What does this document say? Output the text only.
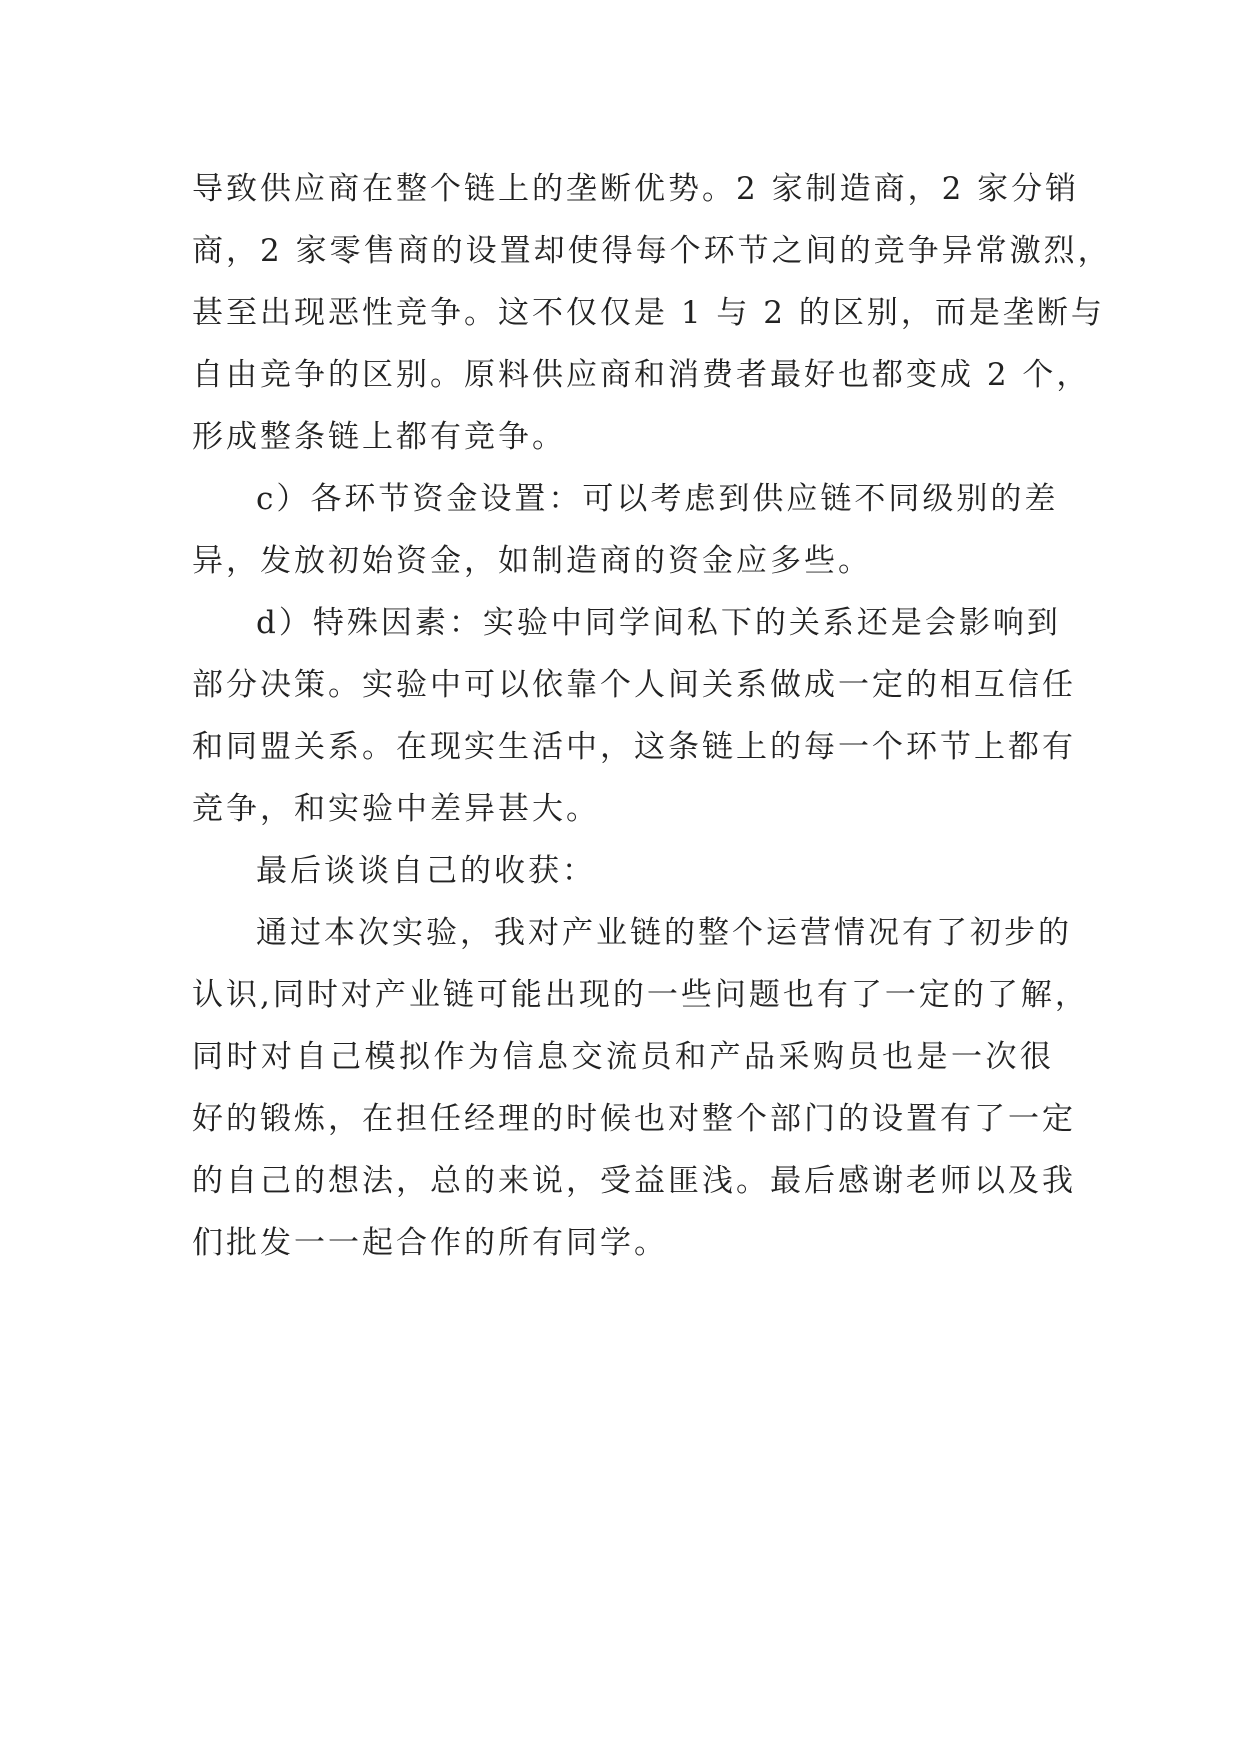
导致供应商在整个链上的垄断优势。2 家制造商，2 家分销
商，2 家零售商的设置却使得每个环节之间的竞争异常激烈，
甚至出现恶性竞争。这不仅仅是 1 与 2 的区别，而是垄断与
自由竞争的区别。原料供应商和消费者最好也都变成 2 个，
形成整条链上都有竞争。
c）各环节资金设置：可以考虑到供应链不同级别的差
异，发放初始资金，如制造商的资金应多些。
d）特殊因素：实验中同学间私下的关系还是会影响到
部分决策。实验中可以依靠个人间关系做成一定的相互信任
和同盟关系。在现实生活中，这条链上的每一个环节上都有
竞争，和实验中差异甚大。
最后谈谈自己的收获：
通过本次实验，我对产业链的整个运营情况有了初步的
认识,同时对产业链可能出现的一些问题也有了一定的了解，
同时对自己模拟作为信息交流员和产品采购员也是一次很
好的锻炼，在担任经理的时候也对整个部门的设置有了一定
的自己的想法，总的来说，受益匪浅。最后感谢老师以及我
们批发一一起合作的所有同学。
